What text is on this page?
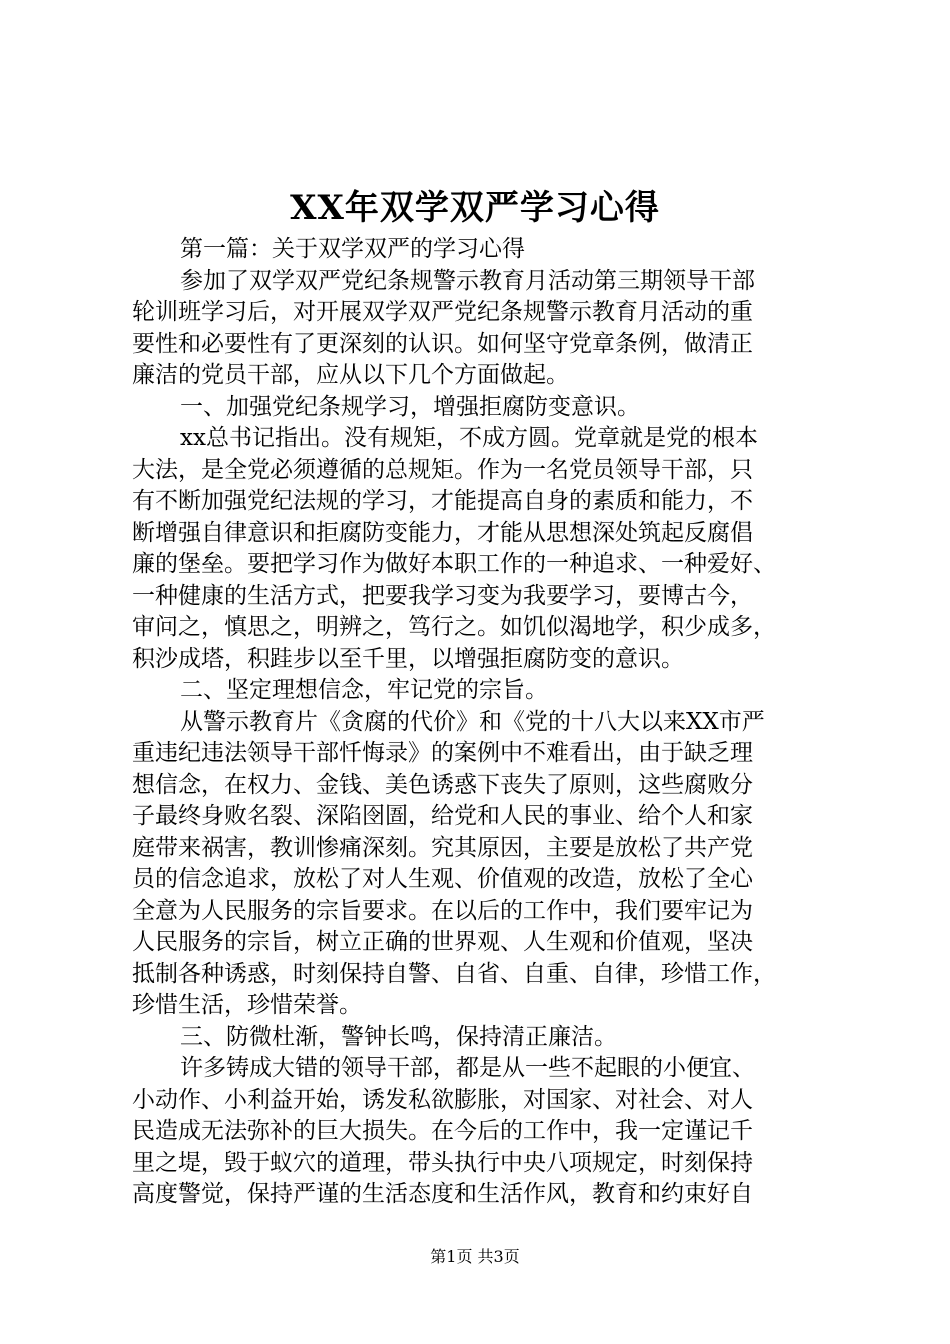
XX年双学双严学习心得
第一篇：关于双学双严的学习心得
参加了双学双严党纪条规警示教育月活动第三期领导干部
轮训班学习后，对开展双学双严党纪条规警示教育月活动的重
要性和必要性有了更深刻的认识。如何坚守党章条例，做清正
廉洁的党员干部，应从以下几个方面做起。
一、加强党纪条规学习，增强拒腐防变意识。
xx总书记指出。没有规矩，不成方圆。党章就是党的根本
大法，是全党必须遵循的总规矩。作为一名党员领导干部，只
有不断加强党纪法规的学习，才能提高自身的素质和能力，不
断增强自律意识和拒腐防变能力，才能从思想深处筑起反腐倡
廉的堡垒。要把学习作为做好本职工作的一种追求、一种爱好、
一种健康的生活方式，把要我学习变为我要学习，要博古今，
审问之，慎思之，明辨之，笃行之。如饥似渴地学，积少成多，
积沙成塔，积跬步以至千里，以增强拒腐防变的意识。
二、坚定理想信念，牢记党的宗旨。
从警示教育片《贪腐的代价》和《党的十八大以来XX市严
重违纪违法领导干部忏悔录》的案例中不难看出，由于缺乏理
想信念，在权力、金钱、美色诱惑下丧失了原则，这些腐败分
子最终身败名裂、深陷囹圄，给党和人民的事业、给个人和家
庭带来祸害，教训惨痛深刻。究其原因，主要是放松了共产党
员的信念追求，放松了对人生观、价值观的改造，放松了全心
全意为人民服务的宗旨要求。在以后的工作中，我们要牢记为
人民服务的宗旨，树立正确的世界观、人生观和价值观，坚决
抵制各种诱惑，时刻保持自警、自省、自重、自律，珍惜工作，
珍惜生活，珍惜荣誉。
三、防微杜渐，警钟长鸣，保持清正廉洁。
许多铸成大错的领导干部，都是从一些不起眼的小便宜、
小动作、小利益开始，诱发私欲膨胀，对国家、对社会、对人
民造成无法弥补的巨大损失。在今后的工作中，我一定谨记千
里之堤，毁于蚁穴的道理，带头执行中央八项规定，时刻保持
高度警觉，保持严谨的生活态度和生活作风，教育和约束好自
第1页 共3页
